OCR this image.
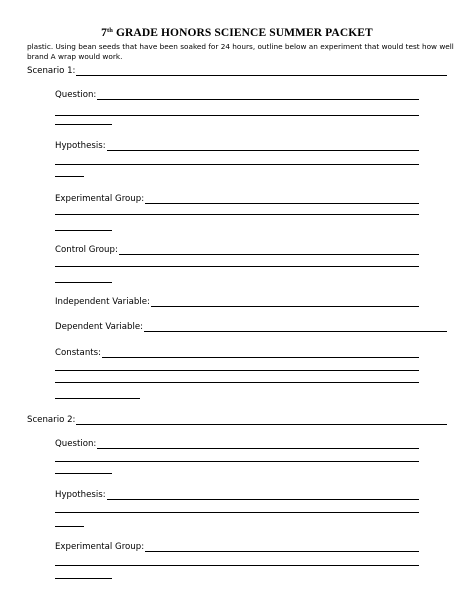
7th GRADE HONORS SCIENCE SUMMER PACKET
plastic. Using bean seeds that have been soaked for 24 hours, outline below an experiment that would test how well brand A wrap would work.
Scenario 1:
Question:
Hypothesis:
Experimental Group:
Control Group:
Independent Variable:
Dependent Variable:
Constants:
Scenario 2:
Question:
Hypothesis:
Experimental Group:
